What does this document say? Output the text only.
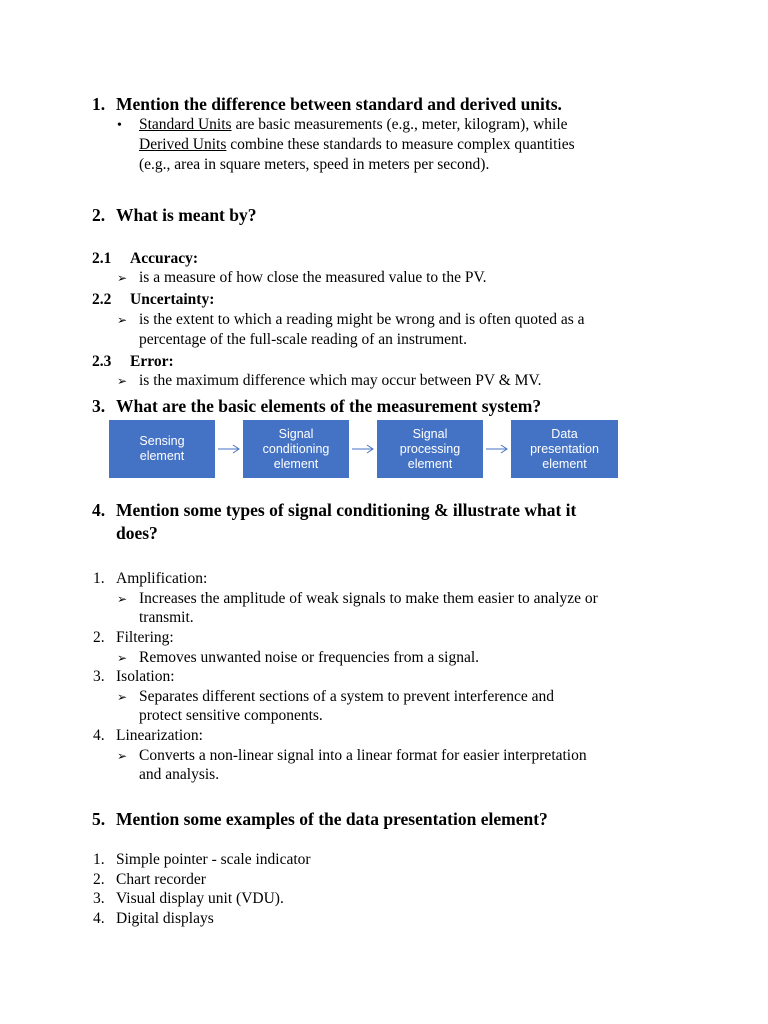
1. Mention the difference between standard and derived units.
• Standard Units are basic measurements (e.g., meter, kilogram), while
Derived Units combine these standards to measure complex quantities
(e.g., area in square meters, speed in meters per second).
2. What is meant by?
2.1 Accuracy:
➢ is a measure of how close the measured value to the PV.
2.2 Uncertainty:
➢ is the extent to which a reading might be wrong and is often quoted as a
percentage of the full-scale reading of an instrument.
2.3 Error:
➢ is the maximum difference which may occur between PV & MV.
3. What are the basic elements of the measurement system?
Sensing
element
Signal
conditioning
element
Signal
processing
element
Data
presentation
element
4. Mention some types of signal conditioning & illustrate what it
does?
1. Amplification:
➢ Increases the amplitude of weak signals to make them easier to analyze or
transmit.
2. Filtering:
➢ Removes unwanted noise or frequencies from a signal.
3. Isolation:
➢ Separates different sections of a system to prevent interference and
protect sensitive components.
4. Linearization:
➢ Converts a non-linear signal into a linear format for easier interpretation
and analysis.
5. Mention some examples of the data presentation element?
1. Simple pointer - scale indicator
2. Chart recorder
3. Visual display unit (VDU).
4. Digital displays
